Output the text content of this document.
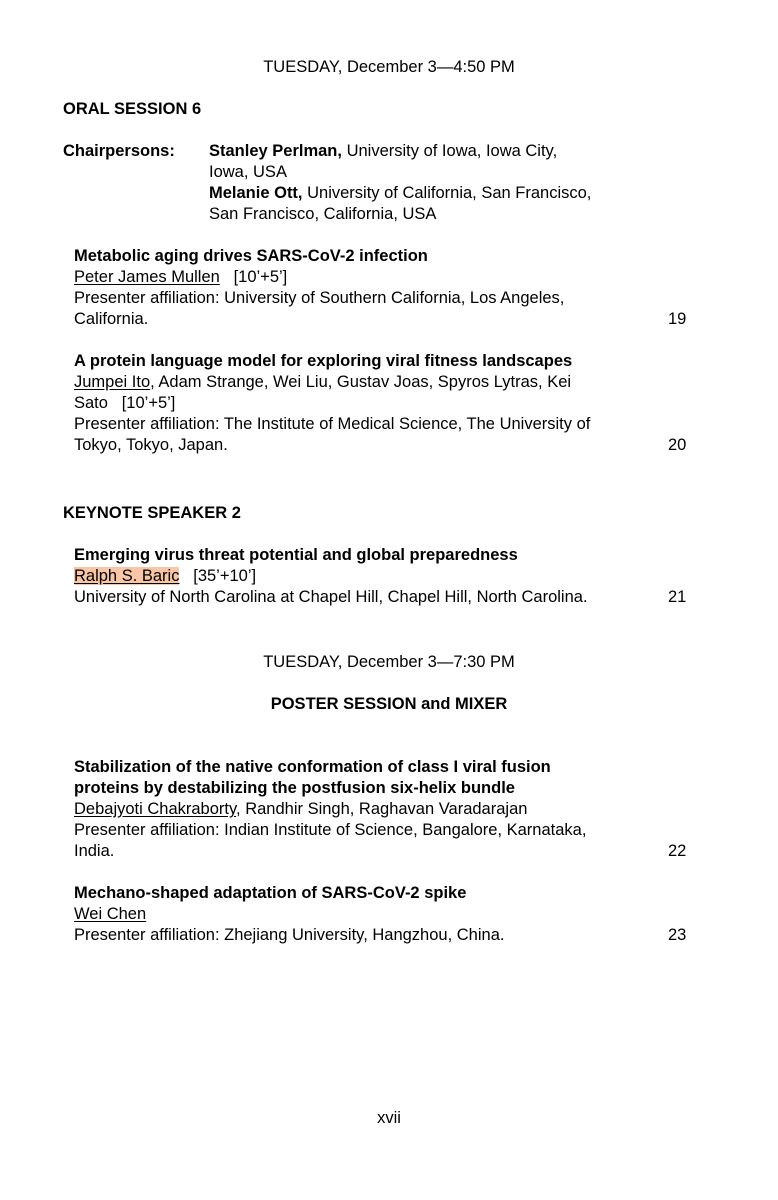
TUESDAY, December 3—4:50 PM
ORAL SESSION 6
Chairpersons: Stanley Perlman, University of Iowa, Iowa City,
Iowa, USA
Melanie Ott, University of California, San Francisco,
San Francisco, California, USA
Metabolic aging drives SARS-CoV-2 infection
Peter James Mullen [10’+5’]
Presenter affiliation: University of Southern California, Los Angeles,
California.	19
A protein language model for exploring viral fitness landscapes
Jumpei Ito, Adam Strange, Wei Liu, Gustav Joas, Spyros Lytras, Kei
Sato [10’+5’]
Presenter affiliation: The Institute of Medical Science, The University of
Tokyo, Tokyo, Japan.	20
KEYNOTE SPEAKER 2
Emerging virus threat potential and global preparedness
Ralph S. Baric [35’+10’]
University of North Carolina at Chapel Hill, Chapel Hill, North Carolina.	21
TUESDAY, December 3—7:30 PM
POSTER SESSION and MIXER
Stabilization of the native conformation of class I viral fusion
proteins by destabilizing the postfusion six-helix bundle
Debajyoti Chakraborty, Randhir Singh, Raghavan Varadarajan
Presenter affiliation: Indian Institute of Science, Bangalore, Karnataka,
India.	22
Mechano-shaped adaptation of SARS-CoV-2 spike
Wei Chen
Presenter affiliation: Zhejiang University, Hangzhou, China.	23
xvii
